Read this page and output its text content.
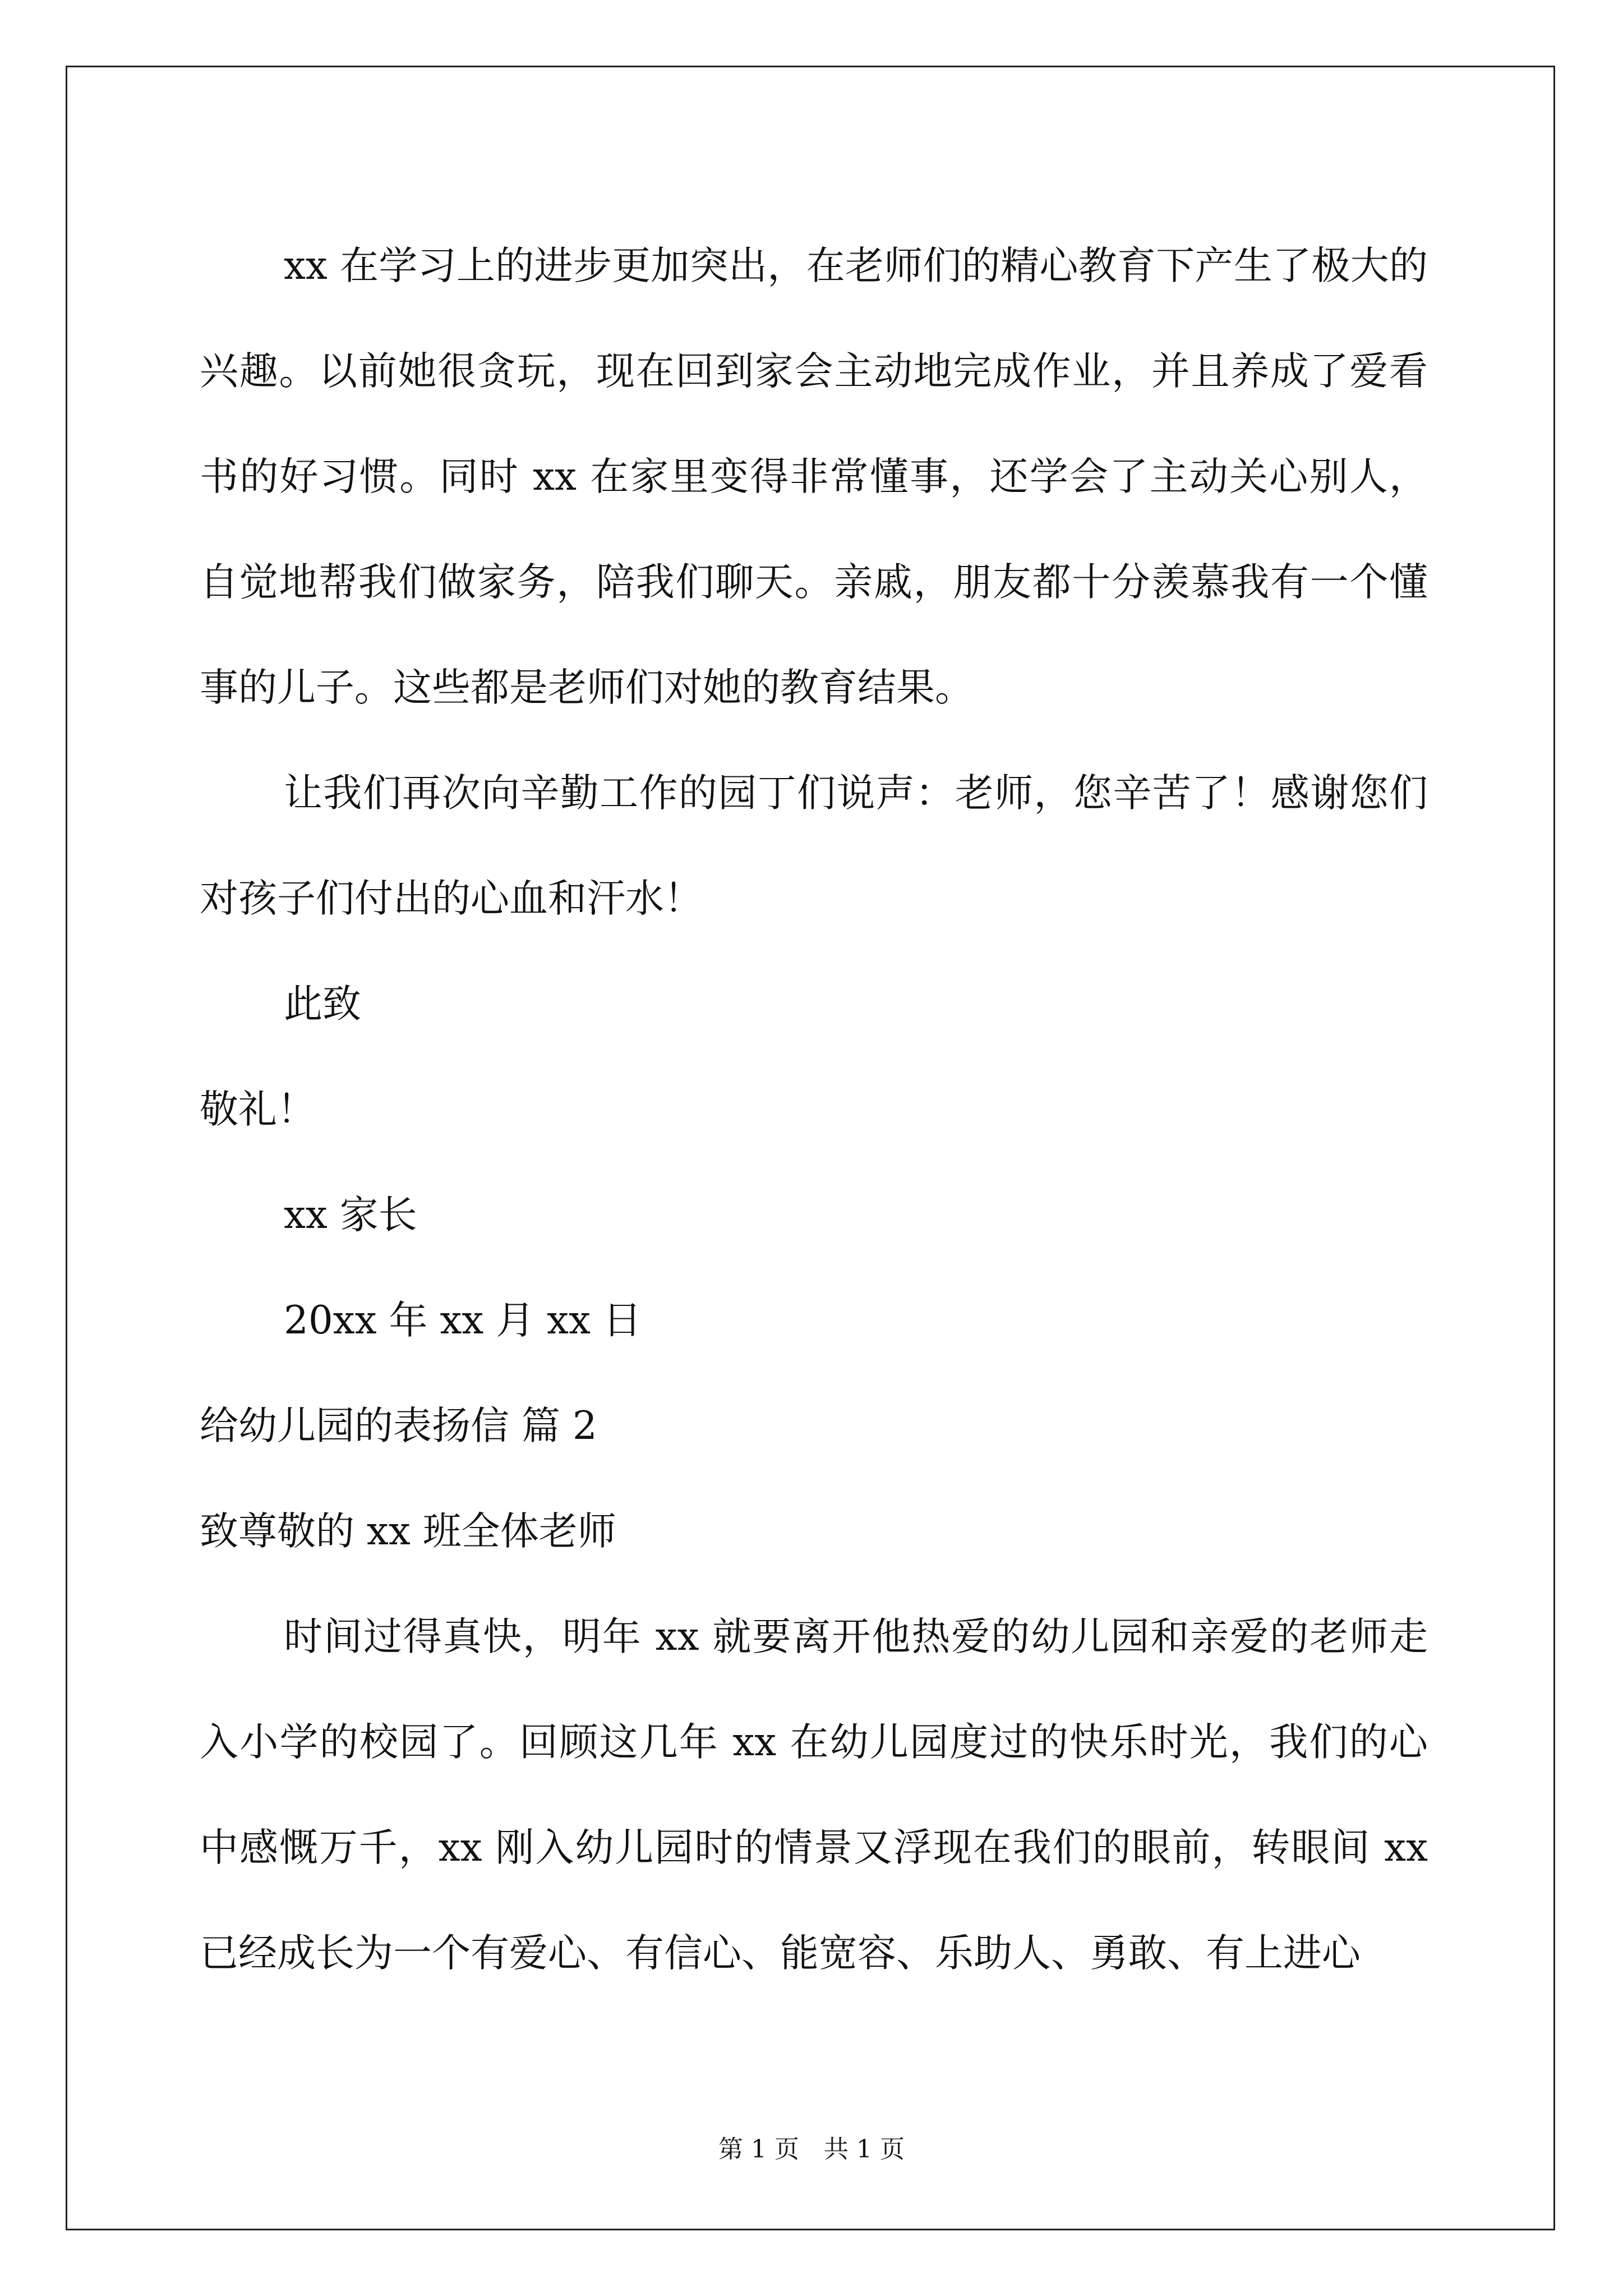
xx 在学习上的进步更加突出，在老师们的精心教育下产生了极大的兴趣。以前她很贪玩，现在回到家会主动地完成作业，并且养成了爱看书的好习惯。同时 xx 在家里变得非常懂事，还学会了主动关心别人，自觉地帮我们做家务，陪我们聊天。亲戚，朋友都十分羡慕我有一个懂事的儿子。这些都是老师们对她的教育结果。

让我们再次向辛勤工作的园丁们说声：老师，您辛苦了！感谢您们对孩子们付出的心血和汗水！

此致

敬礼！

xx 家长

20xx 年 xx 月 xx 日

给幼儿园的表扬信 篇 2

致尊敬的 xx 班全体老师

时间过得真快，明年 xx 就要离开他热爱的幼儿园和亲爱的老师走入小学的校园了。回顾这几年 xx 在幼儿园度过的快乐时光，我们的心中感慨万千，xx 刚入幼儿园时的情景又浮现在我们的眼前，转眼间 xx 已经成长为一个有爱心、有信心、能宽容、乐助人、勇敢、有上进心

第 1 页　共 1 页
